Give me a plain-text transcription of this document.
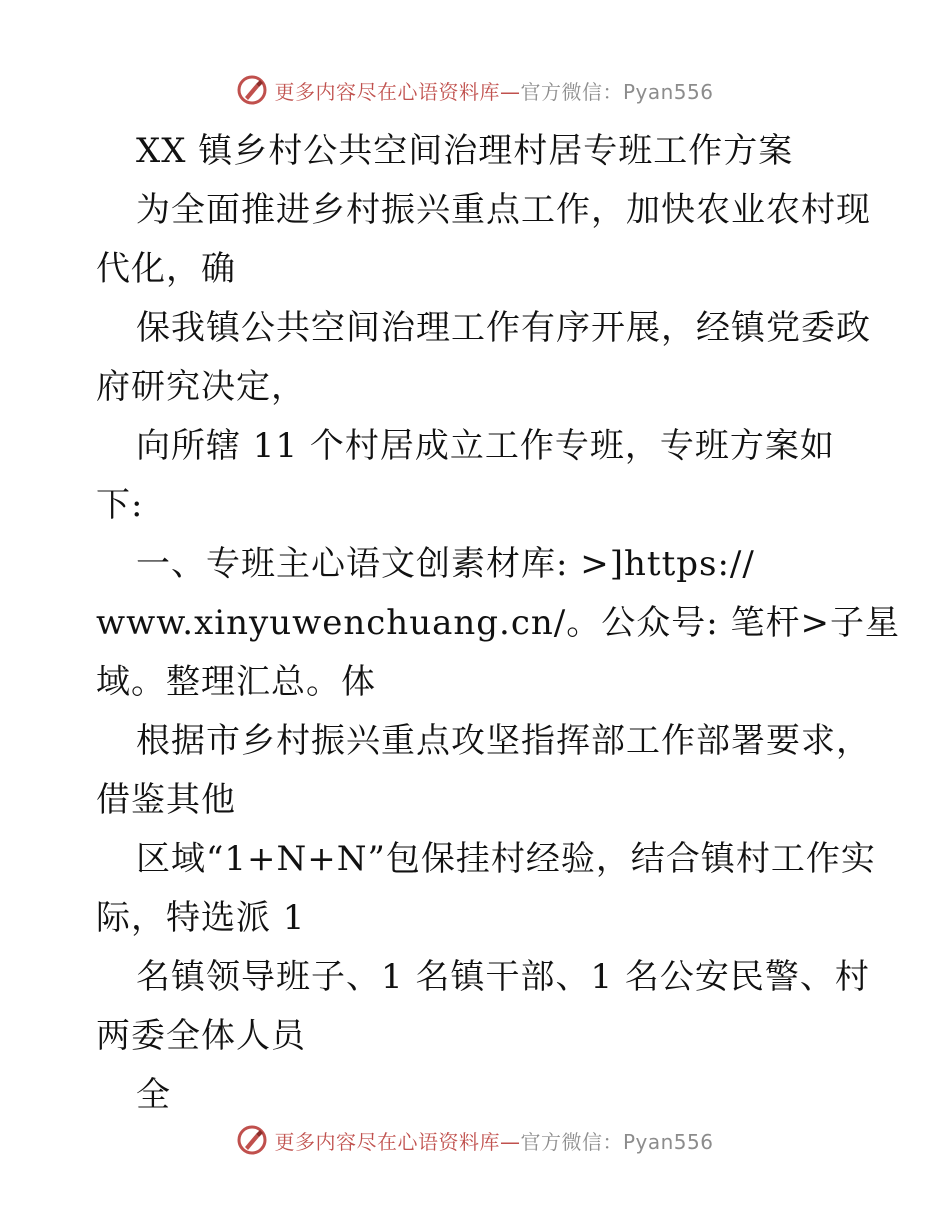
更多内容尽在心语资料库—官方微信：Pyan556
XX 镇乡村公共空间治理村居专班工作方案
为全面推进乡村振兴重点工作，加快农业农村现
代化，确
保我镇公共空间治理工作有序开展，经镇党委政
府研究决定，
向所辖 11 个村居成立工作专班，专班方案如
下:
一、专班主心语文创素材库: >]https://
www.xinyuwenchuang.cn/。公众号: 笔杆>子星
域。整理汇总。体
根据市乡村振兴重点攻坚指挥部工作部署要求，
借鉴其他
区域“1+N+N”包保挂村经验，结合镇村工作实
际，特选派 1
名镇领导班子、1 名镇干部、1 名公安民警、村
两委全体人员
全
更多内容尽在心语资料库—官方微信：Pyan556
